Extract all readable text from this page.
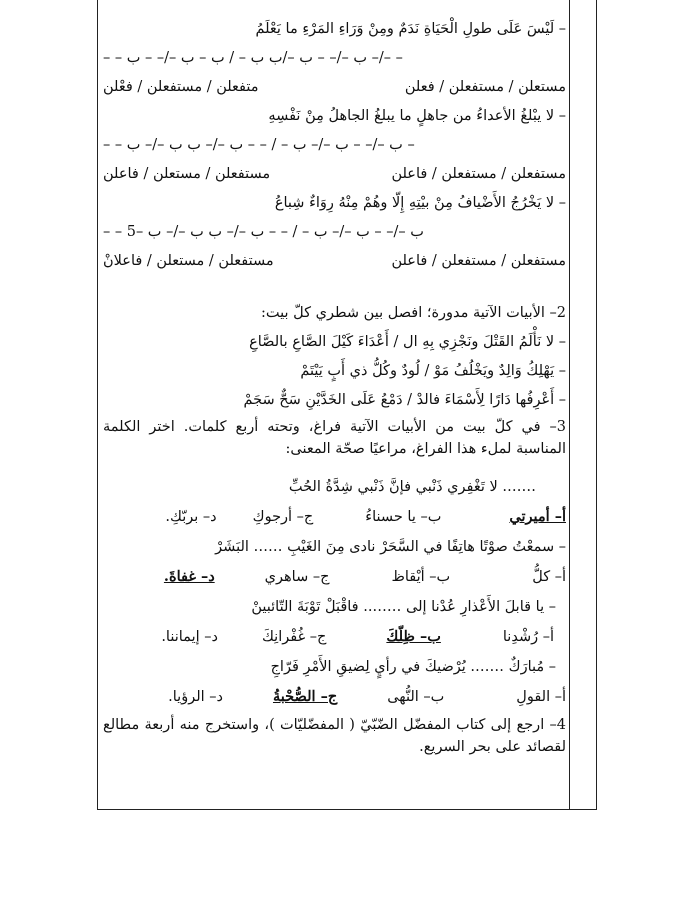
– لَيْسَ عَلَى طولِ الْحَيَاةِ نَدَمٌ ومِنْ وَرَاءِ المَرْءِ ما يَعْلَمُ
– – ب –/– – ب –/ب ب – / ب – ب –/– – ب –/– –
مستعلن / مستفعلن / فعلن
متفعلن / مستفعلن / فعْلن
– لا يبْلغُ الأعداءُ من جاهلٍ ما يبلغُ الجاهلُ مِنْ نَفْسِهِ
– – ب –/– – ب –/– ب – / – – ب –/– ب ب –/– ب –
مستفعلن / مستفعلن / فاعلن
مستفعلن / مستعلن / فاعلن
– لا يَخْرُجُ الأَضْيافُ مِنْ بيْتِهِ إِلّا وهُمْ مِنْهُ رِوَاءٌ شِباعُ
– – ب –/– – ب –/– ب – / – – ب –/– ب ب –/– ب –5
مستفعلن / مستفعلن / فاعلن
مستفعلن / مستعلن / فاعلانْ
2– الأبيات الآتية مدورة؛ افصل بين شطري كلّ بيت:
– لا نَأْلَمُ القَتْلَ ونَجْزِي بِهِ ال / أَعْدَاءَ كَيْلَ الصَّاعِ بالصَّاعِ
– يَهْلِكُ وَالِدٌ ويَخْلُفُ مَوْ / لُودٌ وكُلُّ ذي أَبٍ يَيْتَمْ
– أَعْرِفُها دَارًا لِأَسْمَاءَ فالدْ / دَمْعُ عَلَى الخَدَّيْنِ سَحٌّ سَجَمْ
3– في كلّ بيت من الأبيات الآتية فراغ، وتحته أربع كلمات. اختر الكلمة المناسبة لملء هذا الفراغ، مراعيًا صحّة المعنى:
……. لا تَغْفِري ذَنْبي فإنَّ ذَنْبي شِدَّةُ الحُبِّ
أ– أميرتي
ب– يا حسناءُ
ج– أرجوكِ
د– بربّكِ.
– سمعْتُ صوْتًا هاتِفًا في السَّحَرْ نادى مِنَ الغَيْبِ …… البَشَرْ
أ– كلُّ
ب– أيْقاظ
ج– ساهري
د– غفاةَ.
– يا قابلَ الأَعْذارِ عُدْنا إلى …….. فاقْبَلْ تَوْبَةَ التّائبينْ
أ– رُشْدِنا
ب– ظِلّكَ
ج– غُفْرانِكَ
د– إيماننا.
– مُبارَكٌ ……. يُرْضيكَ في رأيٍ لِضيقِ الأَمْرِ فَرّاجِ
أ– القولِ
ب– النُّهى
ج– الصُّحْبةُ
د– الرؤيا.
4– ارجع إلى كتاب المفضّل الضّبّيّ ( المفضّليّات )، واستخرج منه أربعة مطالع لقصائد على بحر السريع.
